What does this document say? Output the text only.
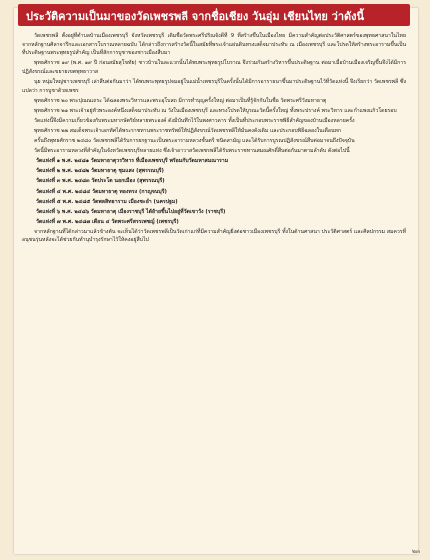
ประวัติความเป็นมาของวัดเพชรพลี จากชื่อเชียง วันอุ่ม เชียนไทย ว่าดังนี้

วัดเพชรพลี ตั้งอยู่ที่ตำบลบ้านเมืองเพชรบุรี จังหวัดเพชรบุรี เดิมชื่อวัดพระศรีปริณจังดีที่ 9 ที่สร้างขึ้นในเมืองไทย มีความสำคัญต่อประวัติศาสตร์ของพุทธศาสนาในไทย จากหลักฐานศิลาจารึกและเอกสารโบราณหลายฉบับ ได้กล่าวถึงการสร้างวัดนี้ในสมัยที่พระเจ้าแผ่นดินทรงเสด็จมาประทับ ณ เมืองเพชรบุรี และโปรดให้สร้างพระอารามขึ้นเป็นที่ประดิษฐานพระพุทธรูปสำคัญ เป็นที่สักการบูชาของชาวเมืองสืบมา

พุทธศักราช ๑๙ (พ.ศ. ๑๙ ปี ก่อนสมัยสุโขทัย) ชาวบ้านในละแวกนั้นได้พบพระพุทธรูปโบราณ จึงร่วมกันสร้างวิหารขึ้นประดิษฐาน ต่อมาเมื่อบ้านเมืองเจริญขึ้นจึงได้มีการปฏิสังขรณ์และขยายเขตพุทธาวาส

นุย หนุ่มใหญ่ชาวเพชรบุรี เล่าสืบต่อกันมาว่า ได้พบพระพุทธรูปจมอยู่ในแม่น้ำเพชรบุรีในครั้งนั้นได้มีการอาราธนาขึ้นมาประดิษฐานไว้ที่วัดแห่งนี้ จึงเรียกว่า วัดเพชรพลี ซึ่งแปลว่า การบูชาด้วยเพชร

พุทธศักราช ๒๐ พระปุณณเถระ ได้ฉลองพระวิหารและพระอุโบสถ มีการทำบุญครั้งใหญ่ ต่อมาเป็นที่รู้จักกันในชื่อ วัดพระศรีวังมหาธาตุ

พุทธศักราช ๒๑ พระเจ้าอยู่หัวพระองค์หนึ่งเสด็จมาประทับ ณ วังในเมืองเพชรบุรี และทรงโปรดให้บูรณะวัดนี้ครั้งใหญ่ ทั้งพระปรางค์ พระวิหาร และกำแพงแก้วโดยรอบ

วัดแห่งนี้จึงมีความเกี่ยวข้องกับพระมหากษัตริย์หลายพระองค์ ดังมีบันทึกไว้ในพงศาวดาร ทั้งเป็นที่ประกอบพระราชพิธีสำคัญของบ้านเมืองหลายครั้ง

พุทธศักราช ๒๒ สมเด็จพระเจ้าเอกทัศได้พระราชทานพระราชทรัพย์ให้ปฏิสังขรณ์วัดเพชรพลีให้มั่นคงดังเดิม และประกอบพิธีฉลองในเดือนหก

ครั้นถึงพุทธศักราช ๒๔๘๐ วัดเพชรพลีได้รับการยกฐานะเป็นพระอารามหลวงชั้นตรี ชนิดสามัญ และได้รับการบูรณปฏิสังขรณ์สืบต่อมาจนถึงปัจจุบัน

วัดนี้มีพระอารามหลวงที่สำคัญในจังหวัดเพชรบุรีหลายแห่ง ซึ่งเจ้าอาวาสวัดเพชรพลีได้รับพระราชทานสมณศักดิ์สืบต่อกันมาตามลำดับ ดังต่อไปนี้

วัดแห่งที่ ๑ พ.ศ. ๒๔๘๑ วัดมหาธาตุวรวิหาร ที่เมืองเพชรบุรี พร้อมกับวัดมหาสมณาราม

วัดแห่งที่ ๒ พ.ศ. ๒๔๘๒ วัดมหาธาตุ ชุมแสง (สุพรรณบุรี)

วัดแห่งที่ ๓ พ.ศ. ๒๔๘๓ วัดประโด นอกเมือง (สุพรรณบุรี)

วัดแห่งที่ ๔ พ.ศ. ๒๔๘๔ วัดมหาธาตุ ทองทรง (กาญจนบุรี)

วัดแห่งที่ ๕ พ.ศ. ๒๔๘๕ วัดพลสิทธาราม เมืองชะอำ (นครปฐม)

วัดแห่งที่ ๖ พ.ศ. ๒๔๘๖ วัดมหาธาตุ เมืองราชบุรี ได้ย้ายขึ้นไปอยู่ที่วัดเขาวัง (ราชบุรี)

วัดแห่งที่ ๗ พ.ศ. ๒๔๘๗ เดือน ๔ วัดพระศรีสรรเพชญ์ (เพชรบุรี)

จากหลักฐานที่ได้กล่าวมาแล้วข้างต้น จะเห็นได้ว่าวัดเพชรพลีเป็นวัดเก่าแก่ที่มีความสำคัญยิ่งต่อชาวเมืองเพชรบุรี ทั้งในด้านศาสนา ประวัติศาสตร์ และศิลปกรรม สมควรที่อนุชนรุ่นหลังจะได้ช่วยกันทำนุบำรุงรักษาไว้ให้คงอยู่สืบไป

๒๓
